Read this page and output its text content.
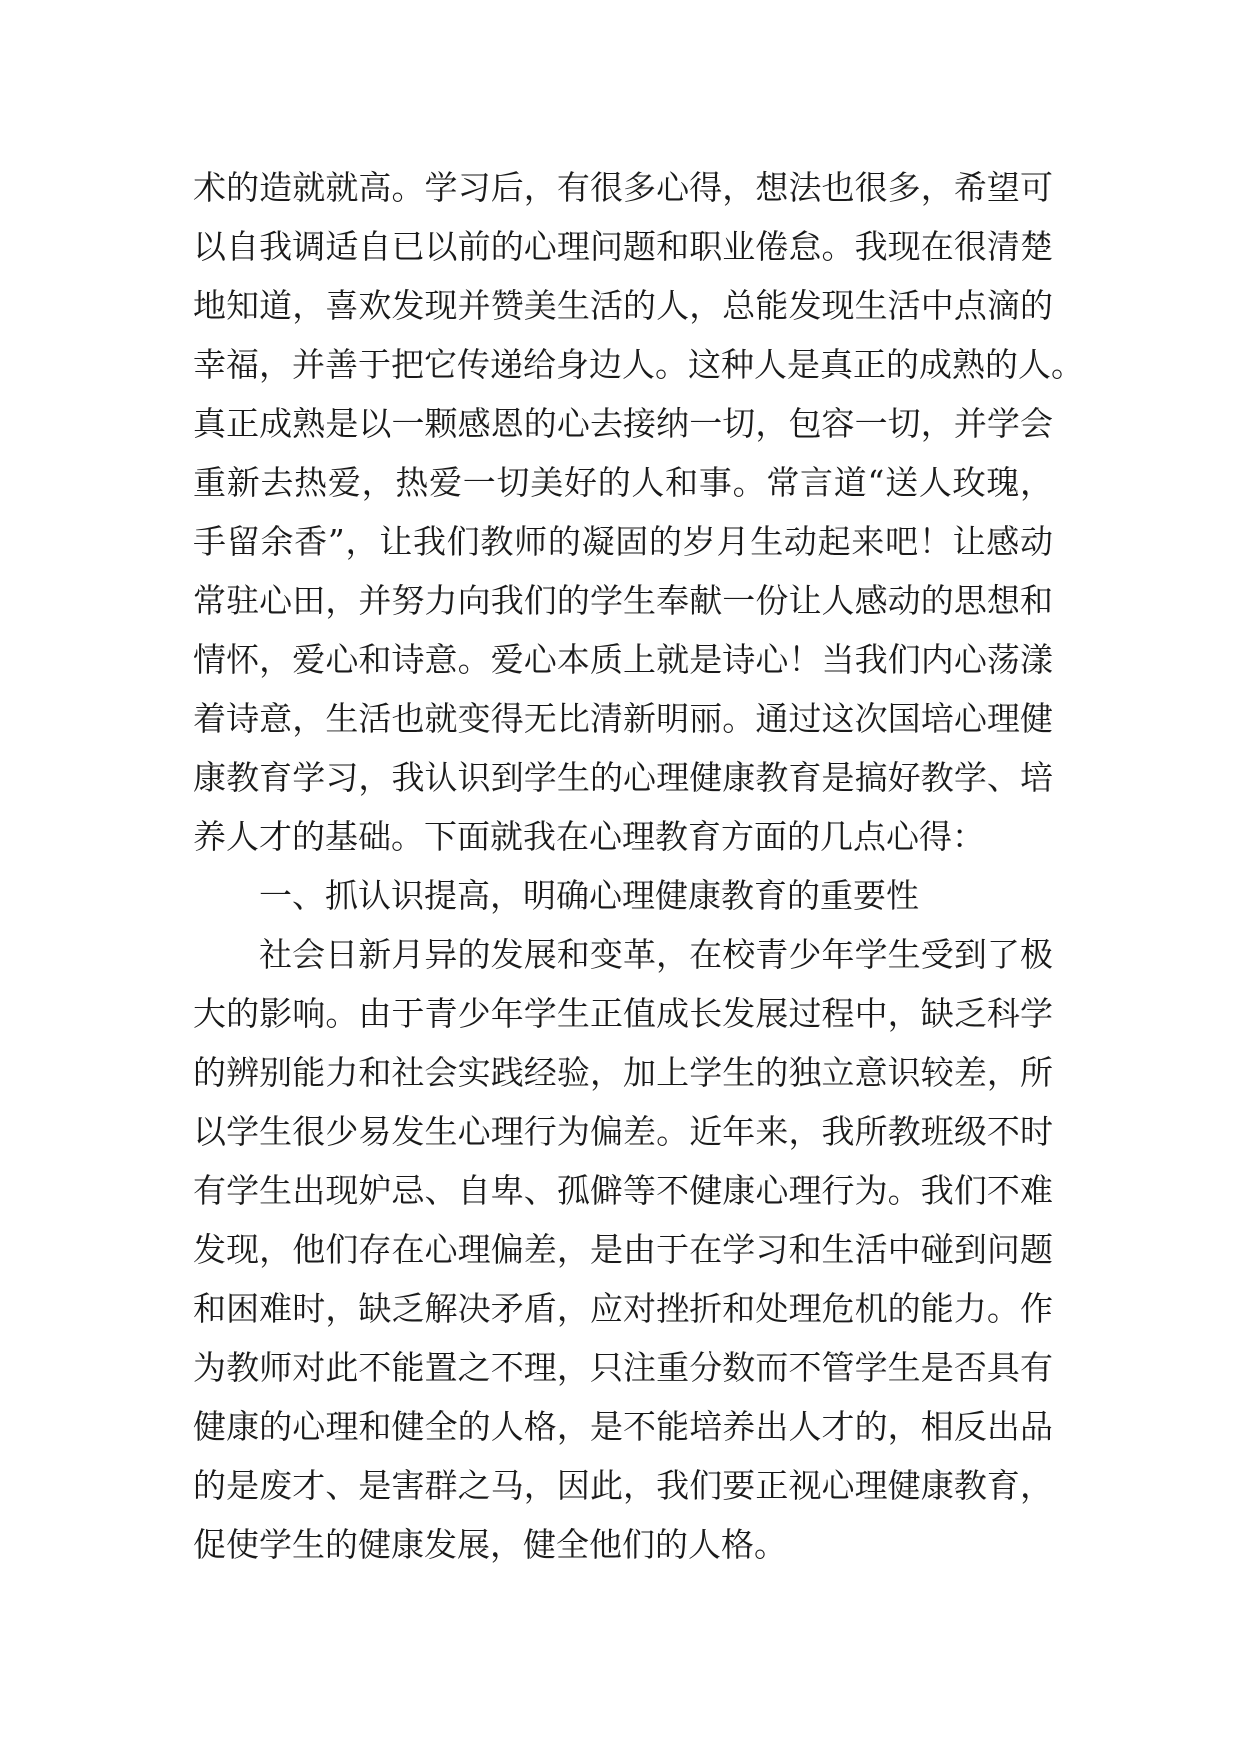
术的造就就高。学习后，有很多心得，想法也很多，希望可
以自我调适自已以前的心理问题和职业倦怠。我现在很清楚
地知道，喜欢发现并赞美生活的人，总能发现生活中点滴的
幸福，并善于把它传递给身边人。这种人是真正的成熟的人。
真正成熟是以一颗感恩的心去接纳一切，包容一切，并学会
重新去热爱，热爱一切美好的人和事。常言道“送人玫瑰，
手留余香”，让我们教师的凝固的岁月生动起来吧！让感动
常驻心田，并努力向我们的学生奉献一份让人感动的思想和
情怀，爱心和诗意。爱心本质上就是诗心！当我们内心荡漾
着诗意，生活也就变得无比清新明丽。通过这次国培心理健
康教育学习，我认识到学生的心理健康教育是搞好教学、培
养人才的基础。下面就我在心理教育方面的几点心得：
一、抓认识提高，明确心理健康教育的重要性
社会日新月异的发展和变革，在校青少年学生受到了极
大的影响。由于青少年学生正值成长发展过程中，缺乏科学
的辨别能力和社会实践经验，加上学生的独立意识较差，所
以学生很少易发生心理行为偏差。近年来，我所教班级不时
有学生出现妒忌、自卑、孤僻等不健康心理行为。我们不难
发现，他们存在心理偏差，是由于在学习和生活中碰到问题
和困难时，缺乏解决矛盾，应对挫折和处理危机的能力。作
为教师对此不能置之不理，只注重分数而不管学生是否具有
健康的心理和健全的人格，是不能培养出人才的，相反出品
的是废才、是害群之马，因此，我们要正视心理健康教育，
促使学生的健康发展，健全他们的人格。
